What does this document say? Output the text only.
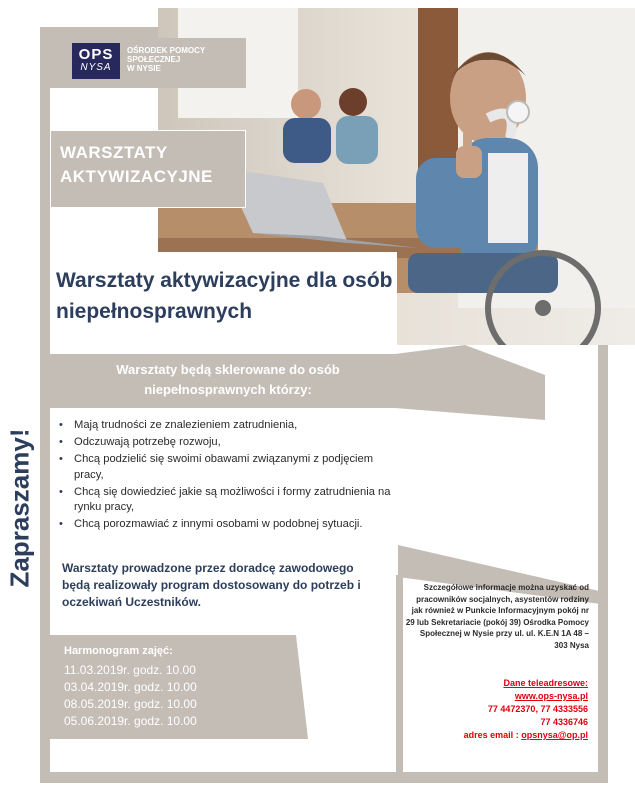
OPS
NYSA
OŚRODEK POMOCY
SPOŁECZNEJ
W NYSIE
WARSZTATY
AKTYWIZACYJNE
Warsztaty aktywizacyjne dla osób niepełnosprawnych
Warsztaty będą sklerowane do osób
niepełnosprawnych którzy:
• Mają trudności ze znalezieniem zatrudnienia,
• Odczuwają potrzebę rozwoju,
• Chcą podzielić się swoimi obawami związanymi z podjęciem pracy,
• Chcą się dowiedzieć jakie są możliwości i formy zatrudnienia na rynku pracy,
• Chcą porozmawiać z innymi osobami w podobnej sytuacji.
Zapraszamy! Warsztaty prowadzone przez doradcę zawodowego będą realizowały program dostosowany do potrzeb i oczekiwań Uczestników.
Szczegółowe informacje można uzyskać od pracowników socjalnych, asystentów rodziny jak również w Punkcie Informacyjnym pokój nr 29 lub Sekretariacie (pokój 39) Ośrodka Pomocy Społecznej w Nysie przy ul. ul. K.E.N 1A 48 – 303 Nysa
Dane teleadresowe:
www.ops-nysa.pl
77 4472370, 77 4333556
77 4336746
adres email : opsnysa@op.pl
Harmonogram zajęć:
11.03.2019r. godz. 10.00
03.04.2019r. godz. 10.00
08.05.2019r. godz. 10.00
05.06.2019r. godz. 10.00
